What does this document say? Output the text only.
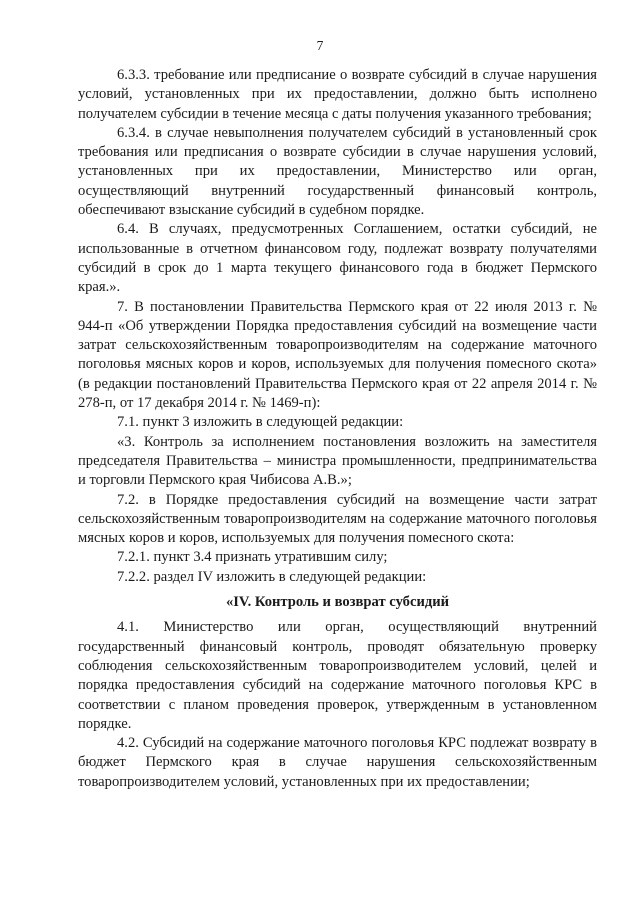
7

6.3.3. требование или предписание о возврате субсидий в случае нарушения условий, установленных при их предоставлении, должно быть исполнено получателем субсидии в течение месяца с даты получения указанного требования;

6.3.4. в случае невыполнения получателем субсидий в установленный срок требования или предписания о возврате субсидии в случае нарушения условий, установленных при их предоставлении, Министерство или орган, осуществляющий внутренний государственный финансовый контроль, обеспечивают взыскание субсидий в судебном порядке.

6.4. В случаях, предусмотренных Соглашением, остатки субсидий, не использованные в отчетном финансовом году, подлежат возврату получателями субсидий в срок до 1 марта текущего финансового года в бюджет Пермского края.».

7. В постановлении Правительства Пермского края от 22 июля 2013 г. № 944-п «Об утверждении Порядка предоставления субсидий на возмещение части затрат сельскохозяйственным товаропроизводителям на содержание маточного поголовья мясных коров и коров, используемых для получения помесного скота» (в редакции постановлений Правительства Пермского края от 22 апреля 2014 г. № 278-п, от 17 декабря 2014 г. № 1469-п):

7.1. пункт 3 изложить в следующей редакции:

«3. Контроль за исполнением постановления возложить на заместителя председателя Правительства – министра промышленности, предпринимательства и торговли Пермского края Чибисова А.В.»;

7.2. в Порядке предоставления субсидий на возмещение части затрат сельскохозяйственным товаропроизводителям на содержание маточного поголовья мясных коров и коров, используемых для получения помесного скота:

7.2.1. пункт 3.4 признать утратившим силу;

7.2.2. раздел IV изложить в следующей редакции:

«IV. Контроль и возврат субсидий

4.1. Министерство или орган, осуществляющий внутренний государственный финансовый контроль, проводят обязательную проверку соблюдения сельскохозяйственным товаропроизводителем условий, целей и порядка предоставления субсидий на содержание маточного поголовья КРС в соответствии с планом проведения проверок, утвержденным в установленном порядке.

4.2. Субсидий на содержание маточного поголовья КРС подлежат возврату в бюджет Пермского края в случае нарушения сельскохозяйственным товаропроизводителем условий, установленных при их предоставлении;
